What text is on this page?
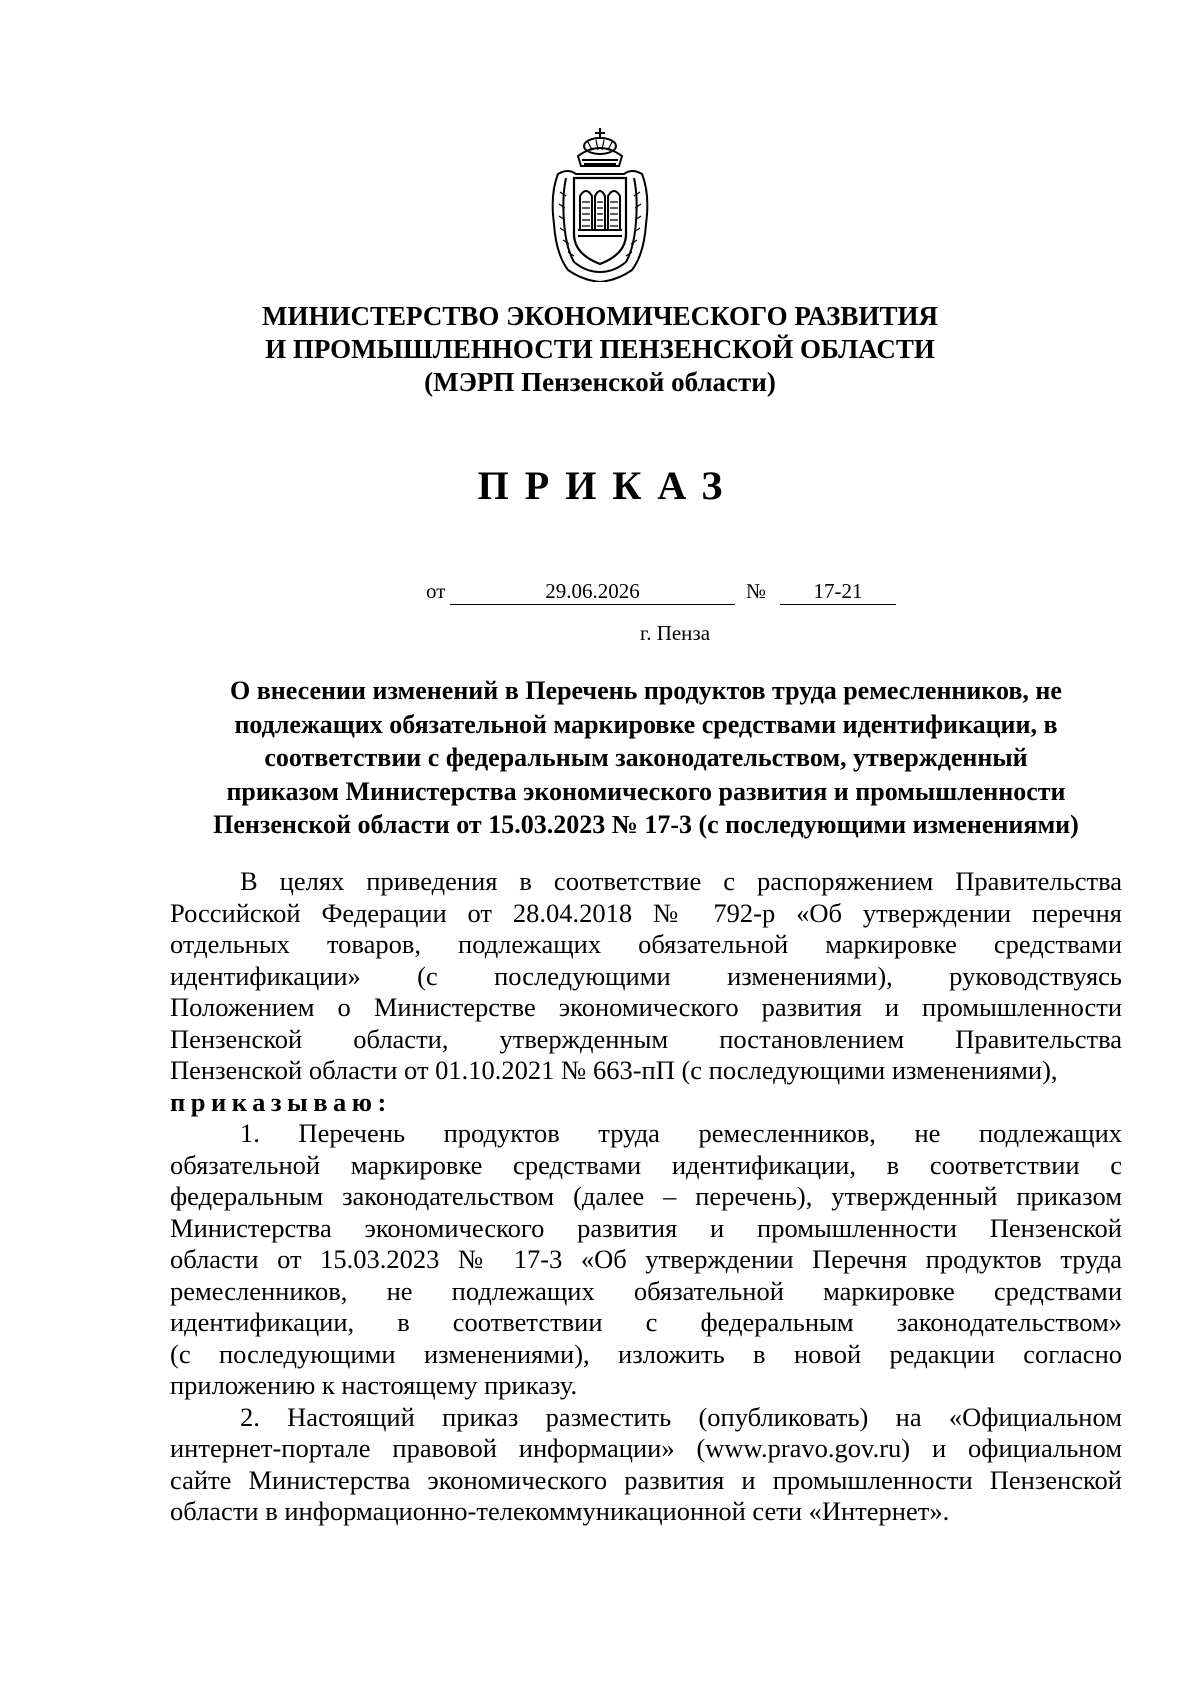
МИНИСТЕРСТВО ЭКОНОМИЧЕСКОГО РАЗВИТИЯ
И ПРОМЫШЛЕННОСТИ ПЕНЗЕНСКОЙ ОБЛАСТИ
(МЭРП Пензенской области)
ПРИКАЗ
от	29.06.2026	№	17-21
г. Пенза
О внесении изменений в Перечень продуктов труда ремесленников, не
подлежащих обязательной маркировке средствами идентификации, в
соответствии с федеральным законодательством, утвержденный
приказом Министерства экономического развития и промышленности
Пензенской области от 15.03.2023 № 17-3 (с последующими изменениями)
В целях приведения в соответствие с распоряжением Правительства
Российской Федерации от 28.04.2018 № 792-р «Об утверждении перечня
отдельных товаров, подлежащих обязательной маркировке средствами
идентификации» (с последующими изменениями), руководствуясь
Положением о Министерстве экономического развития и промышленности
Пензенской области, утвержденным постановлением Правительства
Пензенской области от 01.10.2021 № 663-пП (с последующими изменениями),
приказываю:
1. Перечень продуктов труда ремесленников, не подлежащих
обязательной маркировке средствами идентификации, в соответствии с
федеральным законодательством (далее – перечень), утвержденный приказом
Министерства экономического развития и промышленности Пензенской
области от 15.03.2023 № 17-3 «Об утверждении Перечня продуктов труда
ремесленников, не подлежащих обязательной маркировке средствами
идентификации, в соответствии с федеральным законодательством»
(с последующими изменениями), изложить в новой редакции согласно
приложению к настоящему приказу.
2. Настоящий приказ разместить (опубликовать) на «Официальном
интернет-портале правовой информации» (www.pravo.gov.ru) и официальном
сайте Министерства экономического развития и промышленности Пензенской
области в информационно-телекоммуникационной сети «Интернет».
